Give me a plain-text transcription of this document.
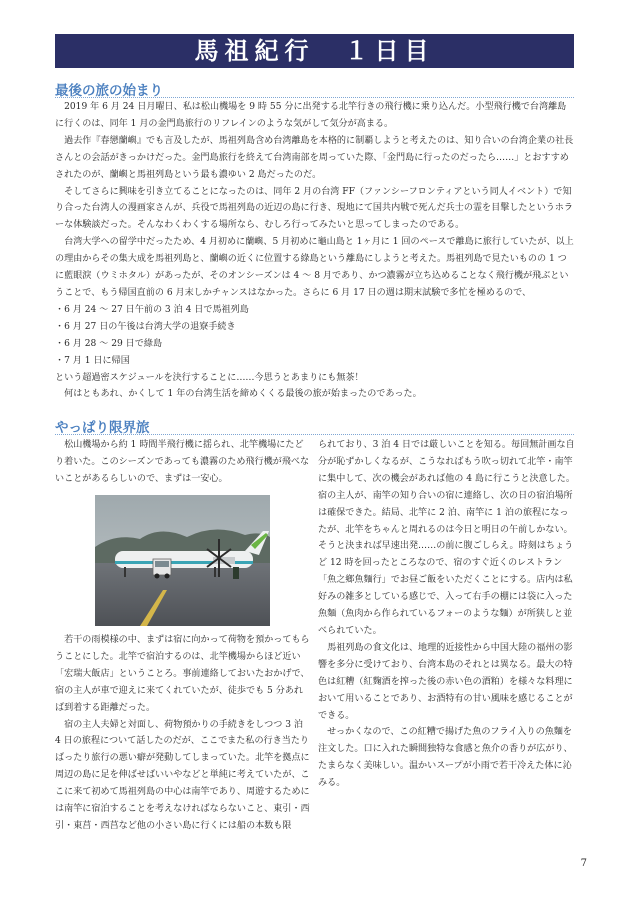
馬祖紀行　１日目
最後の旅の始まり

2019 年 6 月 24 日月曜日、私は松山機場を 9 時 55 分に出発する北竿行きの飛行機に乗り込んだ。小型飛行機で台湾離島に行くのは、同年 1 月の金門島旅行のリフレインのような気がして気分が高まる。

過去作『春戀蘭嶼』でも言及したが、馬祖列島含め台湾離島を本格的に制覇しようと考えたのは、知り合いの台湾企業の社長さんとの会話がきっかけだった。金門島旅行を終えて台湾南部を周っていた際、「金門島に行ったのだったら……」とおすすめされたのが、蘭嶼と馬祖列島という最も濃ゆい 2 島だったのだ。

そしてさらに興味を引き立てることになったのは、同年 2 月の台湾 FF（ファンシーフロンティアという同人イベント）で知り合った台湾人の漫画家さんが、兵役で馬祖列島の近辺の島に行き、現地にて国共内戦で死んだ兵士の霊を目撃したというホラーな体験談だった。そんなわくわくする場所なら、むしろ行ってみたいと思ってしまったのである。

台湾大学への留学中だったため、4 月初めに蘭嶼、5 月初めに龜山島と 1ヶ月に 1 回のペースで離島に旅行していたが、以上の理由からその集大成を馬祖列島と、蘭嶼の近くに位置する綠島という離島にしようと考えた。馬祖列島で見たいものの 1 つに藍眼淚（ウミホタル）があったが、そのオンシーズンは 4 ～ 8 月であり、かつ濃霧が立ち込めることなく飛行機が飛ぶということで、もう帰国直前の 6 月末しかチャンスはなかった。さらに 6 月 17 日の週は期末試験で多忙を極めるので、

・6 月 24 ～ 27 日午前の 3 泊 4 日で馬祖列島

・6 月 27 日の午後は台湾大学の退寮手続き

・6 月 28 ～ 29 日で綠島

・7 月 1 日に帰国

という超過密スケジュールを決行することに……今思うとあまりにも無茶！

何はともあれ、かくして 1 年の台湾生活を締めくくる最後の旅が始まったのであった。

やっぱり限界旅

松山機場から約 1 時間半飛行機に揺られ、北竿機場にたどり着いた。このシーズンであっても濃霧のため飛行機が飛べないことがあるらしいので、まずは一安心。

若干の雨模様の中、まずは宿に向かって荷物を預かってもらうことにした。北竿で宿泊するのは、北竿機場からほど近い「宏瑞大飯店」ということろ。事前連絡しておいたおかげで、宿の主人が車で迎えに来てくれていたが、徒歩でも 5 分あれば到着する距離だった。

宿の主人夫婦と対面し、荷物預かりの手続きをしつつ 3 泊 4 日の旅程について話したのだが、ここでまた私の行き当たりばったり旅行の悪い癖が発動してしまっていた。北竿を拠点に周辺の島に足を伸ばせばいいやなどと単純に考えていたが、ここに来て初めて馬祖列島の中心は南竿であり、周遊するためには南竿に宿泊することを考えなければならないこと、東引・西引・東莒・西莒など他の小さい島に行くには船の本数も限

られており、3 泊 4 日では厳しいことを知る。毎回無計画な自分が恥ずかしくなるが、こうなればもう吹っ切れて北竿・南竿に集中して、次の機会があれば他の 4 島に行こうと決意した。宿の主人が、南竿の知り合いの宿に連絡し、次の日の宿泊場所は確保できた。結局、北竿に 2 泊、南竿に 1 泊の旅程になったが、北竿をちゃんと周れるのは今日と明日の午前しかない。そうと決まれば早速出発……の前に腹ごしらえ。時刻はちょうど 12 時を回ったところなので、宿のすぐ近くのレストラン「魚之鄉魚麵行」でお昼ご飯をいただくことにする。店内は私好みの雑多としている感じで、入って右手の棚には袋に入った魚麵（魚肉から作られているフォーのような麵）が所狭しと並べられていた。

馬祖列島の食文化は、地理的近接性から中国大陸の福州の影響を多分に受けており、台湾本島のそれとは異なる。最大の特色は紅糟（紅麴酒を搾った後の赤い色の酒粕）を様々な料理において用いることであり、お酒特有の甘い風味を感じることができる。

せっかくなので、この紅糟で揚げた魚のフライ入りの魚麵を注文した。口に入れた瞬間独特な食感と魚介の香りが広がり、たまらなく美味しい。温かいスープが小雨で若干冷えた体に沁みる。

7
